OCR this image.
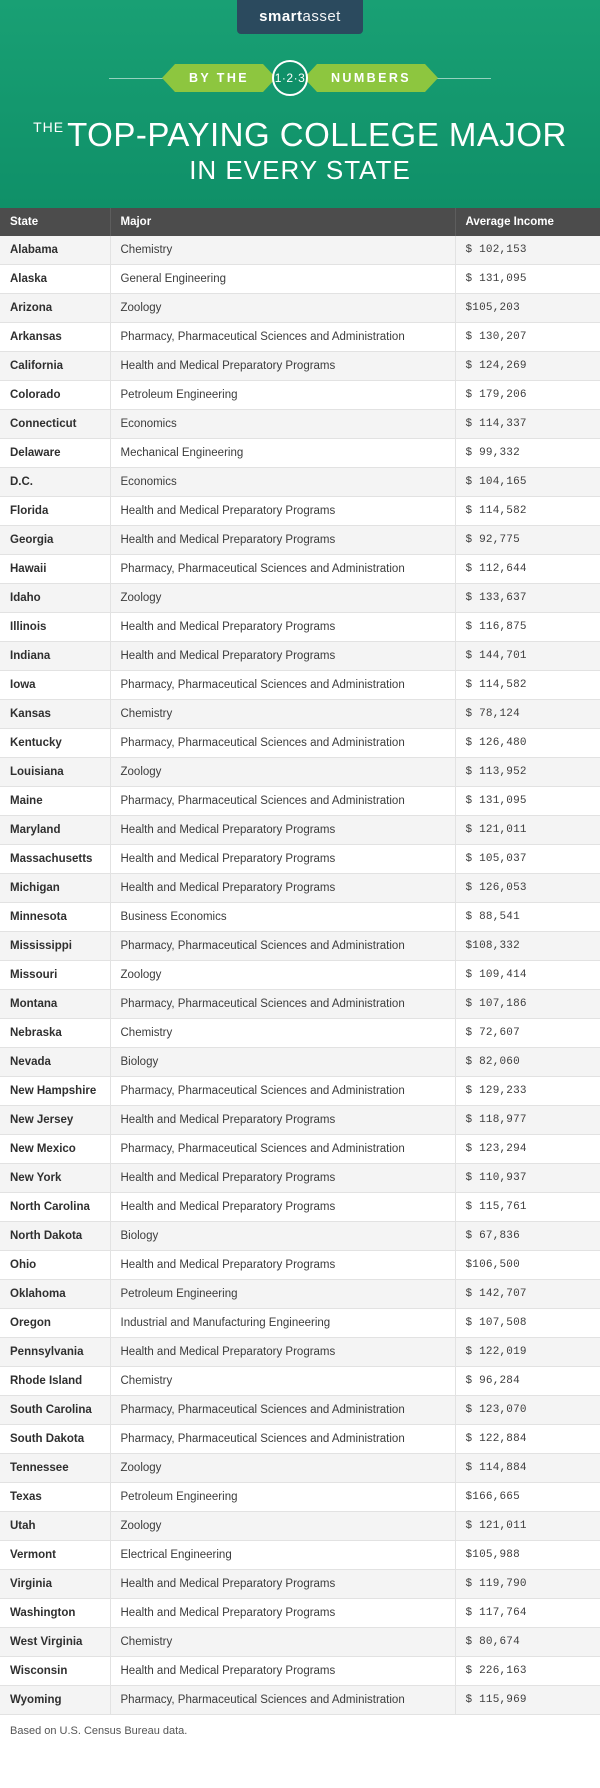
smartasset
BY THE 1·2·3 NUMBERS
$^{THE}$TOP-PAYING COLLEGE MAJOR
IN EVERY STATE
State	Major	Average Income
Alabama	Chemistry	$ 102,153
Alaska	General Engineering	$ 131,095
Arizona	Zoology	$105,203
Arkansas	Pharmacy, Pharmaceutical Sciences and Administration	$ 130,207
California	Health and Medical Preparatory Programs	$ 124,269
Colorado	Petroleum Engineering	$ 179,206
Connecticut	Economics	$ 114,337
Delaware	Mechanical Engineering	$ 99,332
D.C.	Economics	$ 104,165
Florida	Health and Medical Preparatory Programs	$ 114,582
Georgia	Health and Medical Preparatory Programs	$ 92,775
Hawaii	Pharmacy, Pharmaceutical Sciences and Administration	$ 112,644
Idaho	Zoology	$ 133,637
Illinois	Health and Medical Preparatory Programs	$ 116,875
Indiana	Health and Medical Preparatory Programs	$ 144,701
Iowa	Pharmacy, Pharmaceutical Sciences and Administration	$ 114,582
Kansas	Chemistry	$ 78,124
Kentucky	Pharmacy, Pharmaceutical Sciences and Administration	$ 126,480
Louisiana	Zoology	$ 113,952
Maine	Pharmacy, Pharmaceutical Sciences and Administration	$ 131,095
Maryland	Health and Medical Preparatory Programs	$ 121,011
Massachusetts	Health and Medical Preparatory Programs	$ 105,037
Michigan	Health and Medical Preparatory Programs	$ 126,053
Minnesota	Business Economics	$ 88,541
Mississippi	Pharmacy, Pharmaceutical Sciences and Administration	$108,332
Missouri	Zoology	$ 109,414
Montana	Pharmacy, Pharmaceutical Sciences and Administration	$ 107,186
Nebraska	Chemistry	$ 72,607
Nevada	Biology	$ 82,060
New Hampshire	Pharmacy, Pharmaceutical Sciences and Administration	$ 129,233
New Jersey	Health and Medical Preparatory Programs	$ 118,977
New Mexico	Pharmacy, Pharmaceutical Sciences and Administration	$ 123,294
New York	Health and Medical Preparatory Programs	$ 110,937
North Carolina	Health and Medical Preparatory Programs	$ 115,761
North Dakota	Biology	$ 67,836
Ohio	Health and Medical Preparatory Programs	$106,500
Oklahoma	Petroleum Engineering	$ 142,707
Oregon	Industrial and Manufacturing Engineering	$ 107,508
Pennsylvania	Health and Medical Preparatory Programs	$ 122,019
Rhode Island	Chemistry	$ 96,284
South Carolina	Pharmacy, Pharmaceutical Sciences and Administration	$ 123,070
South Dakota	Pharmacy, Pharmaceutical Sciences and Administration	$ 122,884
Tennessee	Zoology	$ 114,884
Texas	Petroleum Engineering	$166,665
Utah	Zoology	$ 121,011
Vermont	Electrical Engineering	$105,988
Virginia	Health and Medical Preparatory Programs	$ 119,790
Washington	Health and Medical Preparatory Programs	$ 117,764
West Virginia	Chemistry	$ 80,674
Wisconsin	Health and Medical Preparatory Programs	$ 226,163
Wyoming	Pharmacy, Pharmaceutical Sciences and Administration	$ 115,969
Based on U.S. Census Bureau data.
